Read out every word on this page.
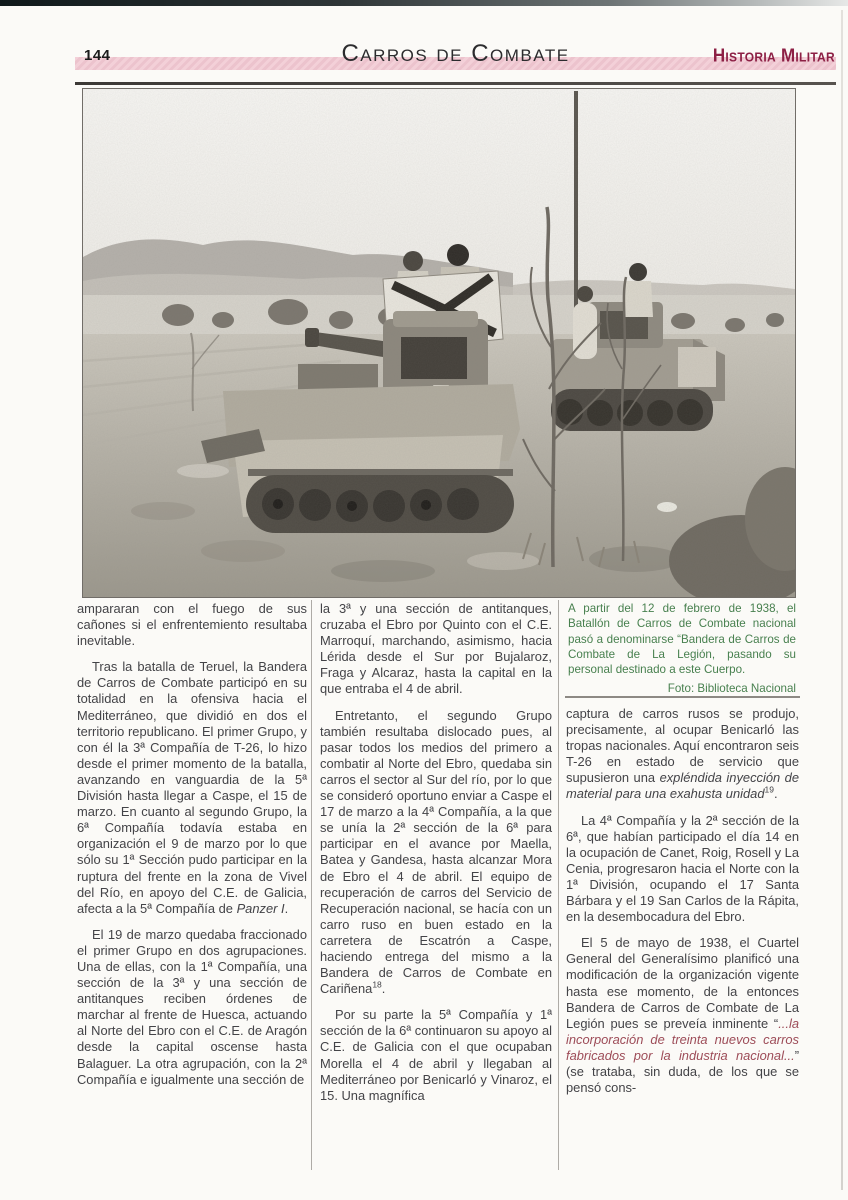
144	Carros de Combate	Historia Militar
A partir del 12 de febrero de 1938, el Batallón de Carros de Combate nacional pasó a denominarse “Bandera de Carros de Combate de La Legión, pasando su personal destinado a este Cuerpo.
Foto: Biblioteca Nacional

ampararan con el fuego de sus cañones si el enfrentemiento resultaba inevitable.

Tras la batalla de Teruel, la Bandera de Carros de Combate participó en su totalidad en la ofensiva hacia el Mediterráneo, que dividió en dos el territorio republicano. El primer Grupo, y con él la 3ª Compañía de T-26, lo hizo desde el primer momento de la batalla, avanzando en vanguardia de la 5ª División hasta llegar a Caspe, el 15 de marzo. En cuanto al segundo Grupo, la 6ª Compañía todavía estaba en organización el 9 de marzo por lo que sólo su 1ª Sección pudo participar en la ruptura del frente en la zona de Vivel del Río, en apoyo del C.E. de Galicia, afecta a la 5ª Compañía de Panzer I.

El 19 de marzo quedaba fraccionado el primer Grupo en dos agrupaciones. Una de ellas, con la 1ª Compañía, una sección de la 3ª y una sección de antitanques reciben órdenes de marchar al frente de Huesca, actuando al Norte del Ebro con el C.E. de Aragón desde la capital oscense hasta Balaguer. La otra agrupación, con la 2ª Compañía e igualmente una sección de

la 3ª y una sección de antitanques, cruzaba el Ebro por Quinto con el C.E. Marroquí, marchando, asimismo, hacia Lérida desde el Sur por Bujalaroz, Fraga y Alcaraz, hasta la capital en la que entraba el 4 de abril.

Entretanto, el segundo Grupo también resultaba dislocado pues, al pasar todos los medios del primero a combatir al Norte del Ebro, quedaba sin carros el sector al Sur del río, por lo que se consideró oportuno enviar a Caspe el 17 de marzo a la 4ª Compañía, a la que se unía la 2ª sección de la 6ª para participar en el avance por Maella, Batea y Gandesa, hasta alcanzar Mora de Ebro el 4 de abril. El equipo de recuperación de carros del Servicio de Recuperación nacional, se hacía con un carro ruso en buen estado en la carretera de Escatrón a Caspe, haciendo entrega del mismo a la Bandera de Carros de Combate en Cariñena$^{18}$.

Por su parte la 5ª Compañía y 1ª sección de la 6ª continuaron su apoyo al C.E. de Galicia con el que ocupaban Morella el 4 de abril y llegaban al Mediterráneo por Benicarló y Vinaroz, el 15. Una magnífica

captura de carros rusos se produjo, precisamente, al ocupar Benicarló las tropas nacionales. Aquí encontraron seis T-26 en estado de servicio que supusieron una expléndida inyección de material para una exahusta unidad$^{19}$.

La 4ª Compañía y la 2ª sección de la 6ª, que habían participado el día 14 en la ocupación de Canet, Roig, Rosell y La Cenia, progresaron hacia el Norte con la 1ª División, ocupando el 17 Santa Bárbara y el 19 San Carlos de la Rápita, en la desembocadura del Ebro.

El 5 de mayo de 1938, el Cuartel General del Generalísimo planificó una modificación de la organización vigente hasta ese momento, de la entonces Bandera de Carros de Combate de La Legión pues se preveía inminente “...la incorporación de treinta nuevos carros fabricados por la industria nacional...” (se trataba, sin duda, de los que se pensó cons-
